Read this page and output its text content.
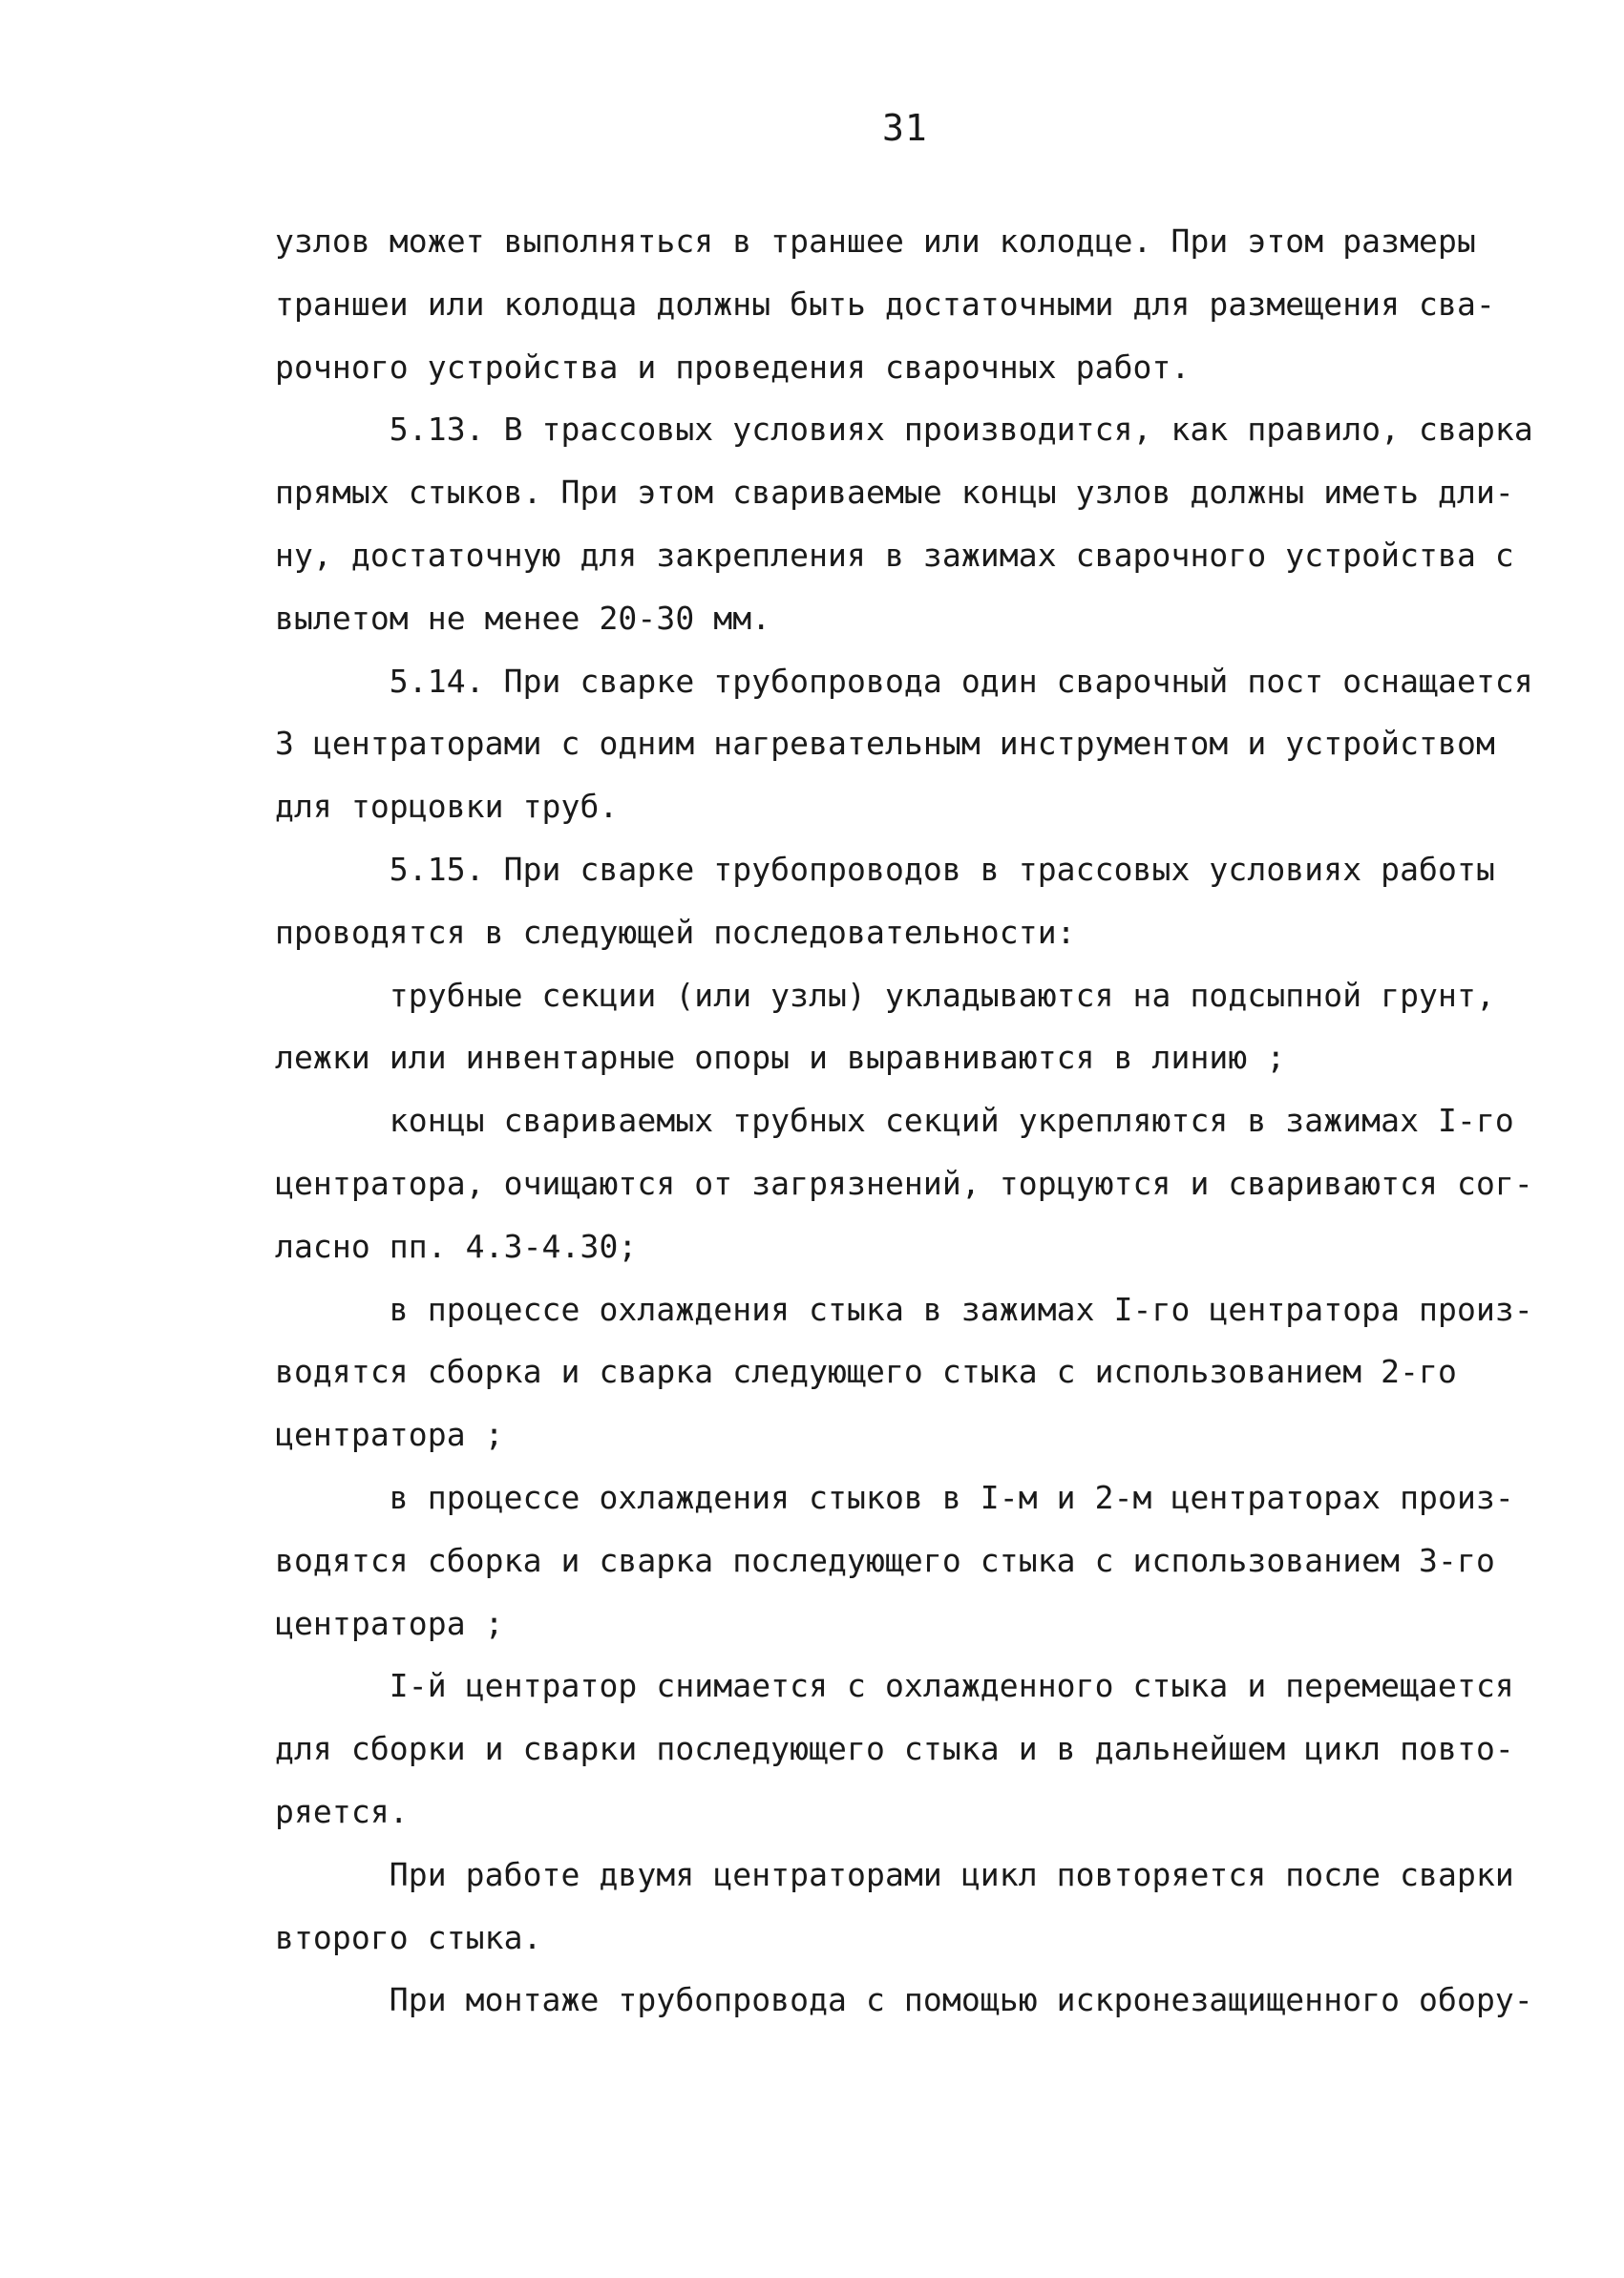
31
узлов может выполняться в траншее или колодце. При этом размеры
траншеи или колодца должны быть достаточными для размещения сва-
рочного устройства и проведения сварочных работ.
5.13. В трассовых условиях производится, как правило, сварка
прямых стыков. При этом свариваемые концы узлов должны иметь дли-
ну, достаточную для закрепления в зажимах сварочного устройства с
вылетом не менее 20-30 мм.
5.14. При сварке трубопровода один сварочный пост оснащается
3 центраторами с одним нагревательным инструментом и устройством
для торцовки труб.
5.15. При сварке трубопроводов в трассовых условиях работы
проводятся в следующей последовательности:
трубные секции (или узлы) укладываются на подсыпной грунт,
лежки или инвентарные опоры и выравниваются в линию ;
концы свариваемых трубных секций укрепляются в зажимах I-го
центратора, очищаются от загрязнений, торцуются и свариваются сог-
ласно пп. 4.3-4.30;
в процессе охлаждения стыка в зажимах I-го центратора произ-
водятся сборка и сварка следующего стыка с использованием 2-го
центратора ;
в процессе охлаждения стыков в I-м и 2-м центраторах произ-
водятся сборка и сварка последующего стыка с использованием 3-го
центратора ;
I-й центратор снимается с охлажденного стыка и перемещается
для сборки и сварки последующего стыка и в дальнейшем цикл повто-
ряется.
При работе двумя центраторами цикл повторяется после сварки
второго стыка.
При монтаже трубопровода с помощью искронезащищенного обору-
